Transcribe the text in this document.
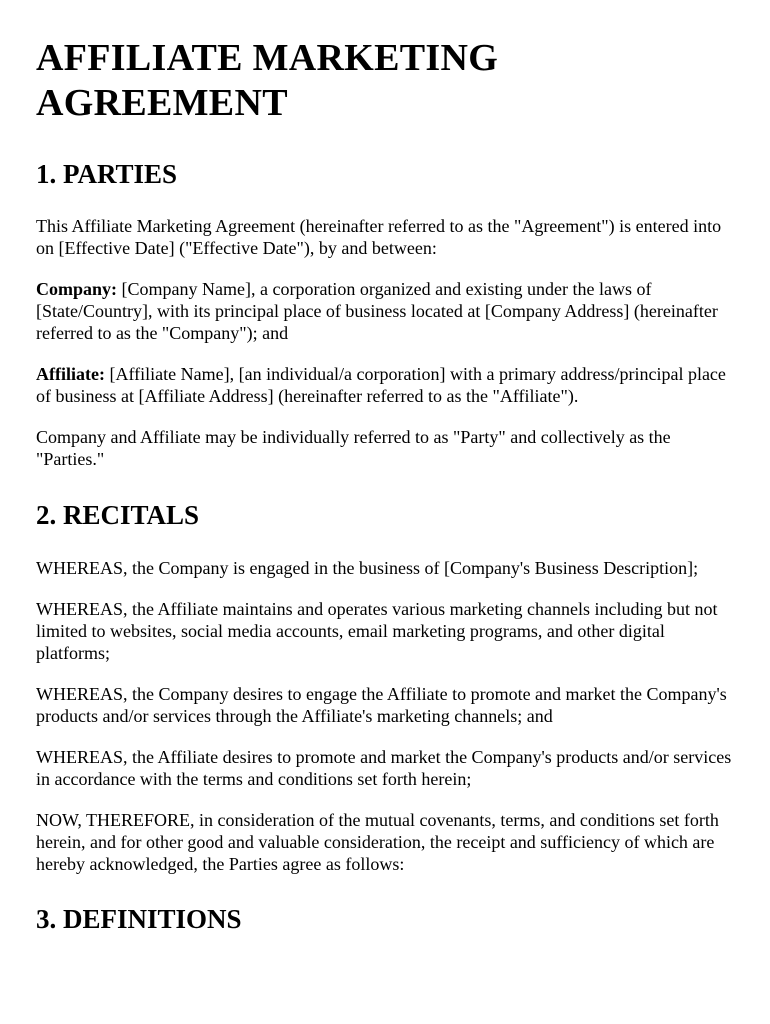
AFFILIATE MARKETING
AGREEMENT
1. PARTIES

This Affiliate Marketing Agreement (hereinafter referred to as the "Agreement") is entered into on [Effective Date] ("Effective Date"), by and between:

Company: [Company Name], a corporation organized and existing under the laws of [State/Country], with its principal place of business located at [Company Address] (hereinafter referred to as the "Company"); and

Affiliate: [Affiliate Name], [an individual/a corporation] with a primary address/principal place of business at [Affiliate Address] (hereinafter referred to as the "Affiliate").

Company and Affiliate may be individually referred to as "Party" and collectively as the "Parties."

2. RECITALS

WHEREAS, the Company is engaged in the business of [Company's Business Description];

WHEREAS, the Affiliate maintains and operates various marketing channels including but not limited to websites, social media accounts, email marketing programs, and other digital platforms;

WHEREAS, the Company desires to engage the Affiliate to promote and market the Company's products and/or services through the Affiliate's marketing channels; and

WHEREAS, the Affiliate desires to promote and market the Company's products and/or services in accordance with the terms and conditions set forth herein;

NOW, THEREFORE, in consideration of the mutual covenants, terms, and conditions set forth herein, and for other good and valuable consideration, the receipt and sufficiency of which are hereby acknowledged, the Parties agree as follows:

3. DEFINITIONS
